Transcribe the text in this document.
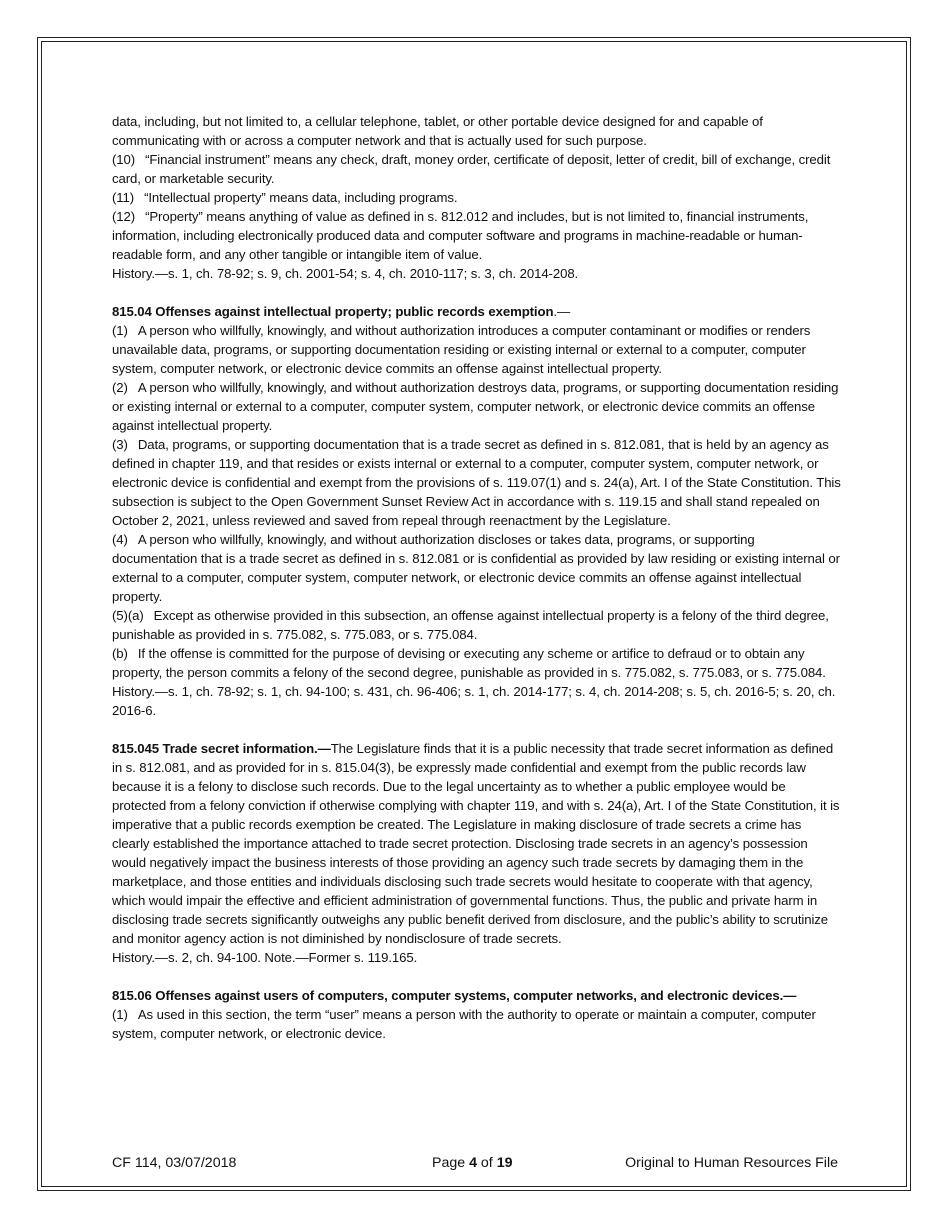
data, including, but not limited to, a cellular telephone, tablet, or other portable device designed for and capable of communicating with or across a computer network and that is actually used for such purpose.

(10) “Financial instrument” means any check, draft, money order, certificate of deposit, letter of credit, bill of exchange, credit card, or marketable security.

(11) “Intellectual property” means data, including programs.

(12) “Property” means anything of value as defined in s. 812.012 and includes, but is not limited to, financial instruments, information, including electronically produced data and computer software and programs in machine-readable or human-readable form, and any other tangible or intangible item of value.

History.—s. 1, ch. 78-92; s. 9, ch. 2001-54; s. 4, ch. 2010-117; s. 3, ch. 2014-208.

815.04 Offenses against intellectual property; public records exemption.—

(1) A person who willfully, knowingly, and without authorization introduces a computer contaminant or modifies or renders unavailable data, programs, or supporting documentation residing or existing internal or external to a computer, computer system, computer network, or electronic device commits an offense against intellectual property.

(2) A person who willfully, knowingly, and without authorization destroys data, programs, or supporting documentation residing or existing internal or external to a computer, computer system, computer network, or electronic device commits an offense against intellectual property.

(3) Data, programs, or supporting documentation that is a trade secret as defined in s. 812.081, that is held by an agency as defined in chapter 119, and that resides or exists internal or external to a computer, computer system, computer network, or electronic device is confidential and exempt from the provisions of s. 119.07(1) and s. 24(a), Art. I of the State Constitution. This subsection is subject to the Open Government Sunset Review Act in accordance with s. 119.15 and shall stand repealed on October 2, 2021, unless reviewed and saved from repeal through reenactment by the Legislature.

(4) A person who willfully, knowingly, and without authorization discloses or takes data, programs, or supporting documentation that is a trade secret as defined in s. 812.081 or is confidential as provided by law residing or existing internal or external to a computer, computer system, computer network, or electronic device commits an offense against intellectual property.

(5)(a) Except as otherwise provided in this subsection, an offense against intellectual property is a felony of the third degree, punishable as provided in s. 775.082, s. 775.083, or s. 775.084.

(b) If the offense is committed for the purpose of devising or executing any scheme or artifice to defraud or to obtain any property, the person commits a felony of the second degree, punishable as provided in s. 775.082, s. 775.083, or s. 775.084.

History.—s. 1, ch. 78-92; s. 1, ch. 94-100; s. 431, ch. 96-406; s. 1, ch. 2014-177; s. 4, ch. 2014-208; s. 5, ch. 2016-5; s. 20, ch. 2016-6.

815.045 Trade secret information.—The Legislature finds that it is a public necessity that trade secret information as defined in s. 812.081, and as provided for in s. 815.04(3), be expressly made confidential and exempt from the public records law because it is a felony to disclose such records. Due to the legal uncertainty as to whether a public employee would be protected from a felony conviction if otherwise complying with chapter 119, and with s. 24(a), Art. I of the State Constitution, it is imperative that a public records exemption be created. The Legislature in making disclosure of trade secrets a crime has clearly established the importance attached to trade secret protection. Disclosing trade secrets in an agency’s possession would negatively impact the business interests of those providing an agency such trade secrets by damaging them in the marketplace, and those entities and individuals disclosing such trade secrets would hesitate to cooperate with that agency, which would impair the effective and efficient administration of governmental functions. Thus, the public and private harm in disclosing trade secrets significantly outweighs any public benefit derived from disclosure, and the public’s ability to scrutinize and monitor agency action is not diminished by nondisclosure of trade secrets.

History.—s. 2, ch. 94-100. Note.—Former s. 119.165.

815.06 Offenses against users of computers, computer systems, computer networks, and electronic devices.—

(1) As used in this section, the term “user” means a person with the authority to operate or maintain a computer, computer system, computer network, or electronic device.

CF 114, 03/07/2018	Page 4 of 19	Original to Human Resources File
